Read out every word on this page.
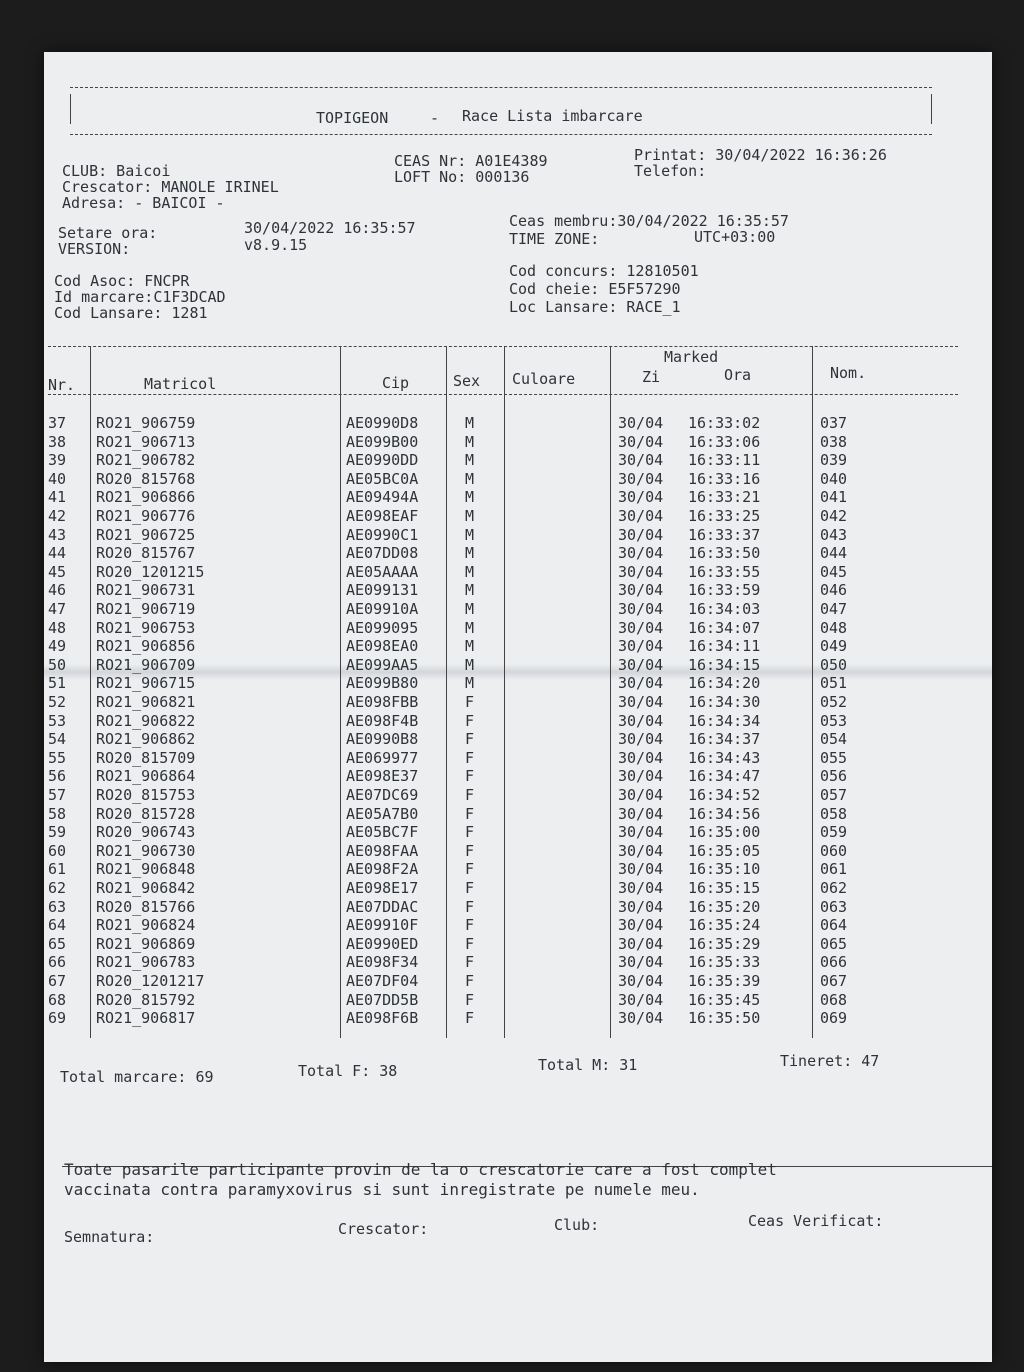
TOPIGEON	- Race Lista imbarcare
CLUB: Baicoi
Crescator: MANOLE IRINEL
Adresa: - BAICOI -
CEAS Nr: A01E4389
LOFT No: 000136
Printat: 30/04/2022 16:36:26
Telefon:
Setare ora:	30/04/2022 16:35:57
VERSION:	v8.9.15
Ceas membru:30/04/2022 16:35:57
TIME ZONE:	UTC+03:00
Cod Asoc: FNCPR
Id marcare:C1F3DCAD
Cod Lansare: 1281
Cod concurs: 12810501
Cod cheie: E5F57290
Loc Lansare: RACE_1
Nr.	Matricol	Cip	Sex Culoare
Marked
Zi	Ora	Nom.
37 RO21_906759	AE0990D8	M	30/04 16:33:02	037
38 RO21_906713	AE099B00	M	30/04 16:33:06	038
39 RO21_906782	AE0990DD	M	30/04 16:33:11	039
40 RO20_815768	AE05BC0A	M	30/04 16:33:16	040
41 RO21_906866	AE09494A	M	30/04 16:33:21	041
42 RO21_906776	AE098EAF	M	30/04 16:33:25	042
43 RO21_906725	AE0990C1	M	30/04 16:33:37	043
44 RO20_815767	AE07DD08	M	30/04 16:33:50	044
45 RO20_1201215	AE05AAAA	M	30/04 16:33:55	045
46 RO21_906731	AE099131	M	30/04 16:33:59	046
47 RO21_906719	AE09910A	M	30/04 16:34:03	047
48 RO21_906753	AE099095	M	30/04 16:34:07	048
49 RO21_906856	AE098EA0	M	30/04 16:34:11	049
50 RO21_906709	AE099AA5	M	30/04 16:34:15	050
51 RO21_906715	AE099B80	M	30/04 16:34:20	051
52 RO21_906821	AE098FBB	F	30/04 16:34:30	052
53 RO21_906822	AE098F4B	F	30/04 16:34:34	053
54 RO21_906862	AE0990B8	F	30/04 16:34:37	054
55 RO20_815709	AE069977	F	30/04 16:34:43	055
56 RO21_906864	AE098E37	F	30/04 16:34:47	056
57 RO20_815753	AE07DC69	F	30/04 16:34:52	057
58 RO20_815728	AE05A7B0	F	30/04 16:34:56	058
59 RO20_906743	AE05BC7F	F	30/04 16:35:00	059
60 RO21_906730	AE098FAA	F	30/04 16:35:05	060
61 RO21_906848	AE098F2A	F	30/04 16:35:10	061
62 RO21_906842	AE098E17	F	30/04 16:35:15	062
63 RO20_815766	AE07DDAC	F	30/04 16:35:20	063
64 RO21_906824	AE09910F	F	30/04 16:35:24	064
65 RO21_906869	AE0990ED	F	30/04 16:35:29	065
66 RO21_906783	AE098F34	F	30/04 16:35:33	066
67 RO20_1201217	AE07DF04	F	30/04 16:35:39	067
68 RO20_815792	AE07DD5B	F	30/04 16:35:45	068
69 RO21_906817	AE098F6B	F	30/04 16:35:50	069
Total marcare: 69	Total F: 38	Total M: 31	Tineret: 47
Toate pasarile participante provin de la o crescatorie care a fost complet
vaccinata contra paramyxovirus si sunt inregistrate pe numele meu.
Semnatura:	Crescator:	Club:	Ceas Verificat:
